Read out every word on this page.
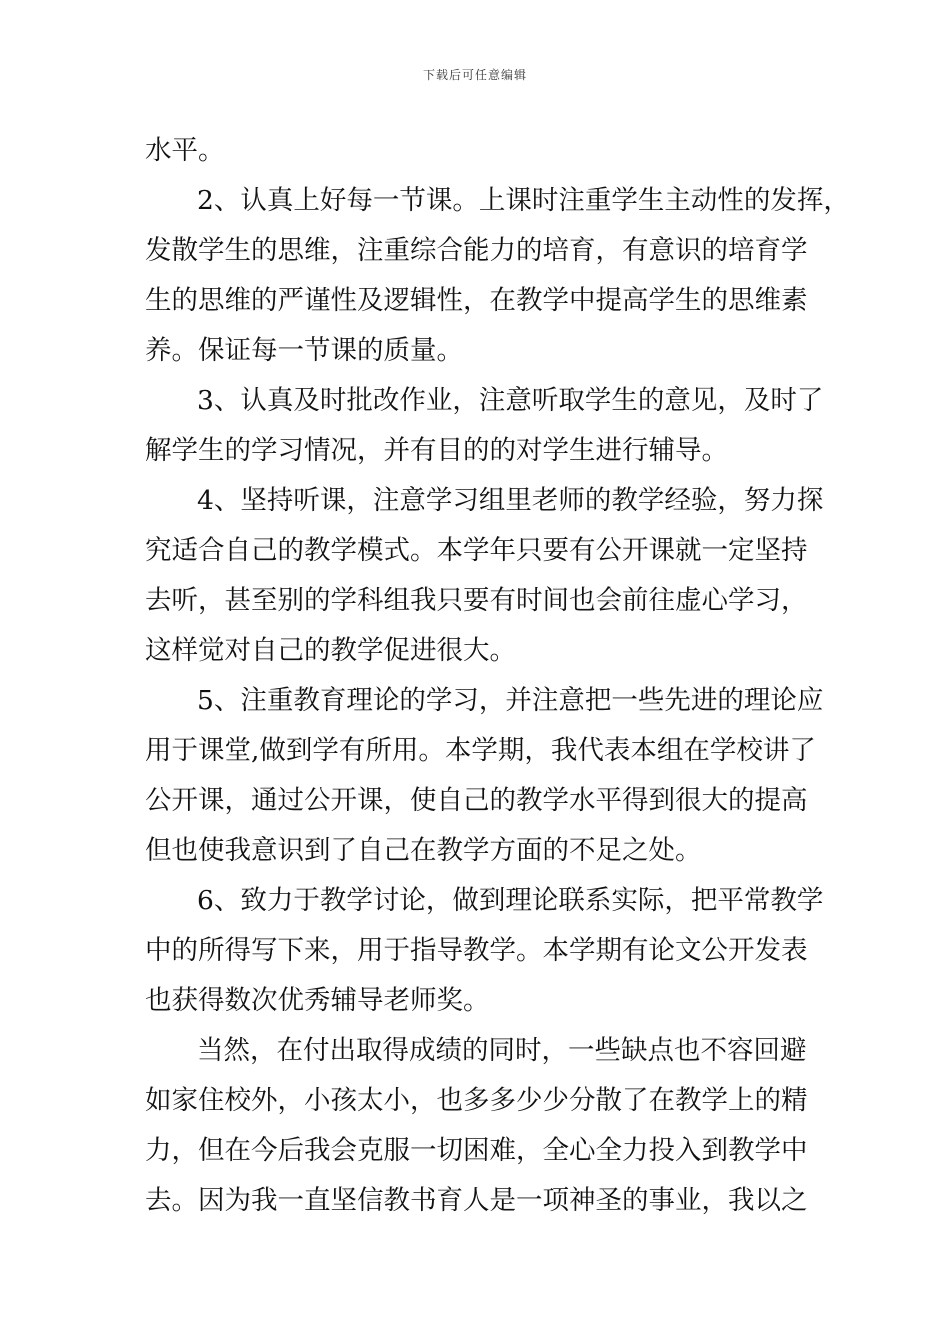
下载后可任意编辑
水平。
2、认真上好每一节课。上课时注重学生主动性的发挥，
发散学生的思维，注重综合能力的培育，有意识的培育学
生的思维的严谨性及逻辑性，在教学中提高学生的思维素
养。保证每一节课的质量。
3、认真及时批改作业，注意听取学生的意见，及时了
解学生的学习情况，并有目的的对学生进行辅导。
4、坚持听课，注意学习组里老师的教学经验，努力探
究适合自己的教学模式。本学年只要有公开课就一定坚持
去听，甚至别的学科组我只要有时间也会前往虚心学习，
这样觉对自己的教学促进很大。
5、注重教育理论的学习，并注意把一些先进的理论应
用于课堂,做到学有所用。本学期，我代表本组在学校讲了
公开课，通过公开课，使自己的教学水平得到很大的提高
但也使我意识到了自己在教学方面的不足之处。
6、致力于教学讨论，做到理论联系实际，把平常教学
中的所得写下来，用于指导教学。本学期有论文公开发表
也获得数次优秀辅导老师奖。
当然，在付出取得成绩的同时，一些缺点也不容回避
如家住校外，小孩太小，也多多少少分散了在教学上的精
力，但在今后我会克服一切困难，全心全力投入到教学中
去。因为我一直坚信教书育人是一项神圣的事业，我以之
